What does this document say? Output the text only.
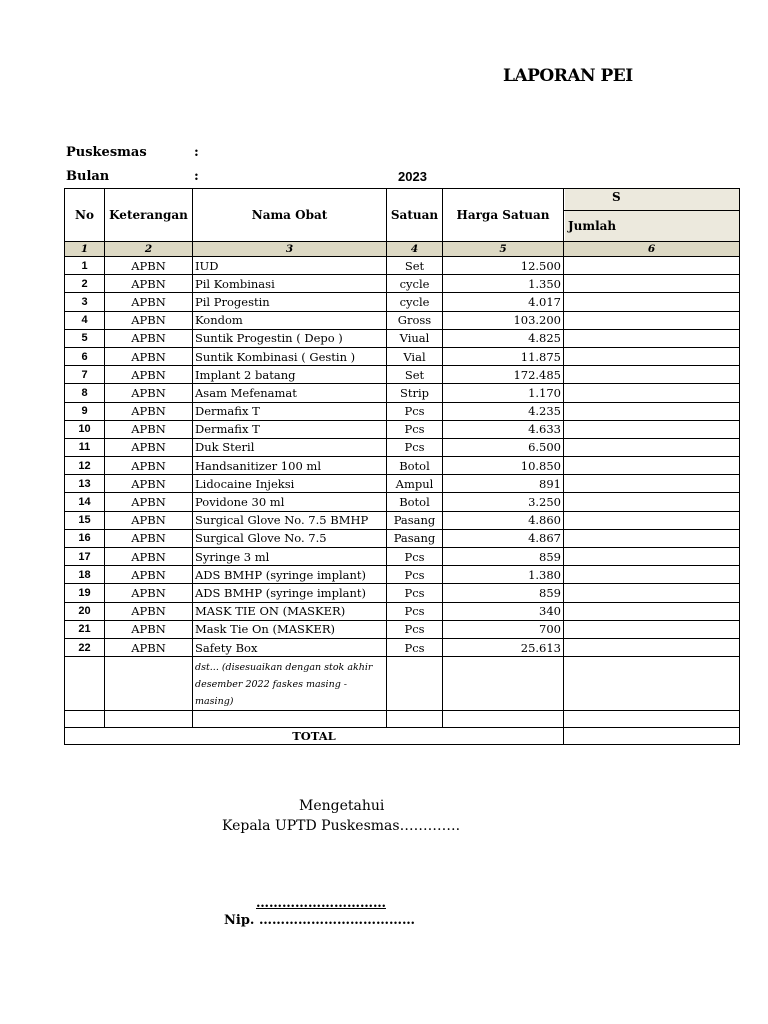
LAPORAN PEI
Puskesmas	:
Bulan	:	2023
S
No	Keterangan	Nama Obat	Satuan	Harga Satuan	Jumlah

1	2	3	4	5	6
1	APBN	IUD	Set	12.500	
2	APBN	Pil Kombinasi	cycle	1.350	
3	APBN	Pil Progestin	cycle	4.017	
4	APBN	Kondom	Gross	103.200	
5	APBN	Suntik Progestin ( Depo )	Viual	4.825	
6	APBN	Suntik Kombinasi ( Gestin )	Vial	11.875	
7	APBN	Implant 2 batang	Set	172.485	
8	APBN	Asam Mefenamat	Strip	1.170	
9	APBN	Dermafix T	Pcs	4.235	
10	APBN	Dermafix T	Pcs	4.633	
11	APBN	Duk Steril	Pcs	6.500	
12	APBN	Handsanitizer 100 ml	Botol	10.850	
13	APBN	Lidocaine Injeksi	Ampul	891	
14	APBN	Povidone 30 ml	Botol	3.250	
15	APBN	Surgical Glove No. 7.5 BMHP	Pasang	4.860	
16	APBN	Surgical Glove No. 7.5	Pasang	4.867	
17	APBN	Syringe 3 ml	Pcs	859	
18	APBN	ADS BMHP (syringe implant)	Pcs	1.380	
19	APBN	ADS BMHP (syringe implant)	Pcs	859	
20	APBN	MASK TIE ON (MASKER)	Pcs	340	
21	APBN	Mask Tie On (MASKER)	Pcs	700	
22	APBN	Safety Box	Pcs	25.613	

		dst... (disesuaikan dengan stok akhir desember 2022 faskes masing - masing)			

TOTAL					
Mengetahui
Kepala UPTD Puskesmas………….
…………………………
Nip. ………………………………
